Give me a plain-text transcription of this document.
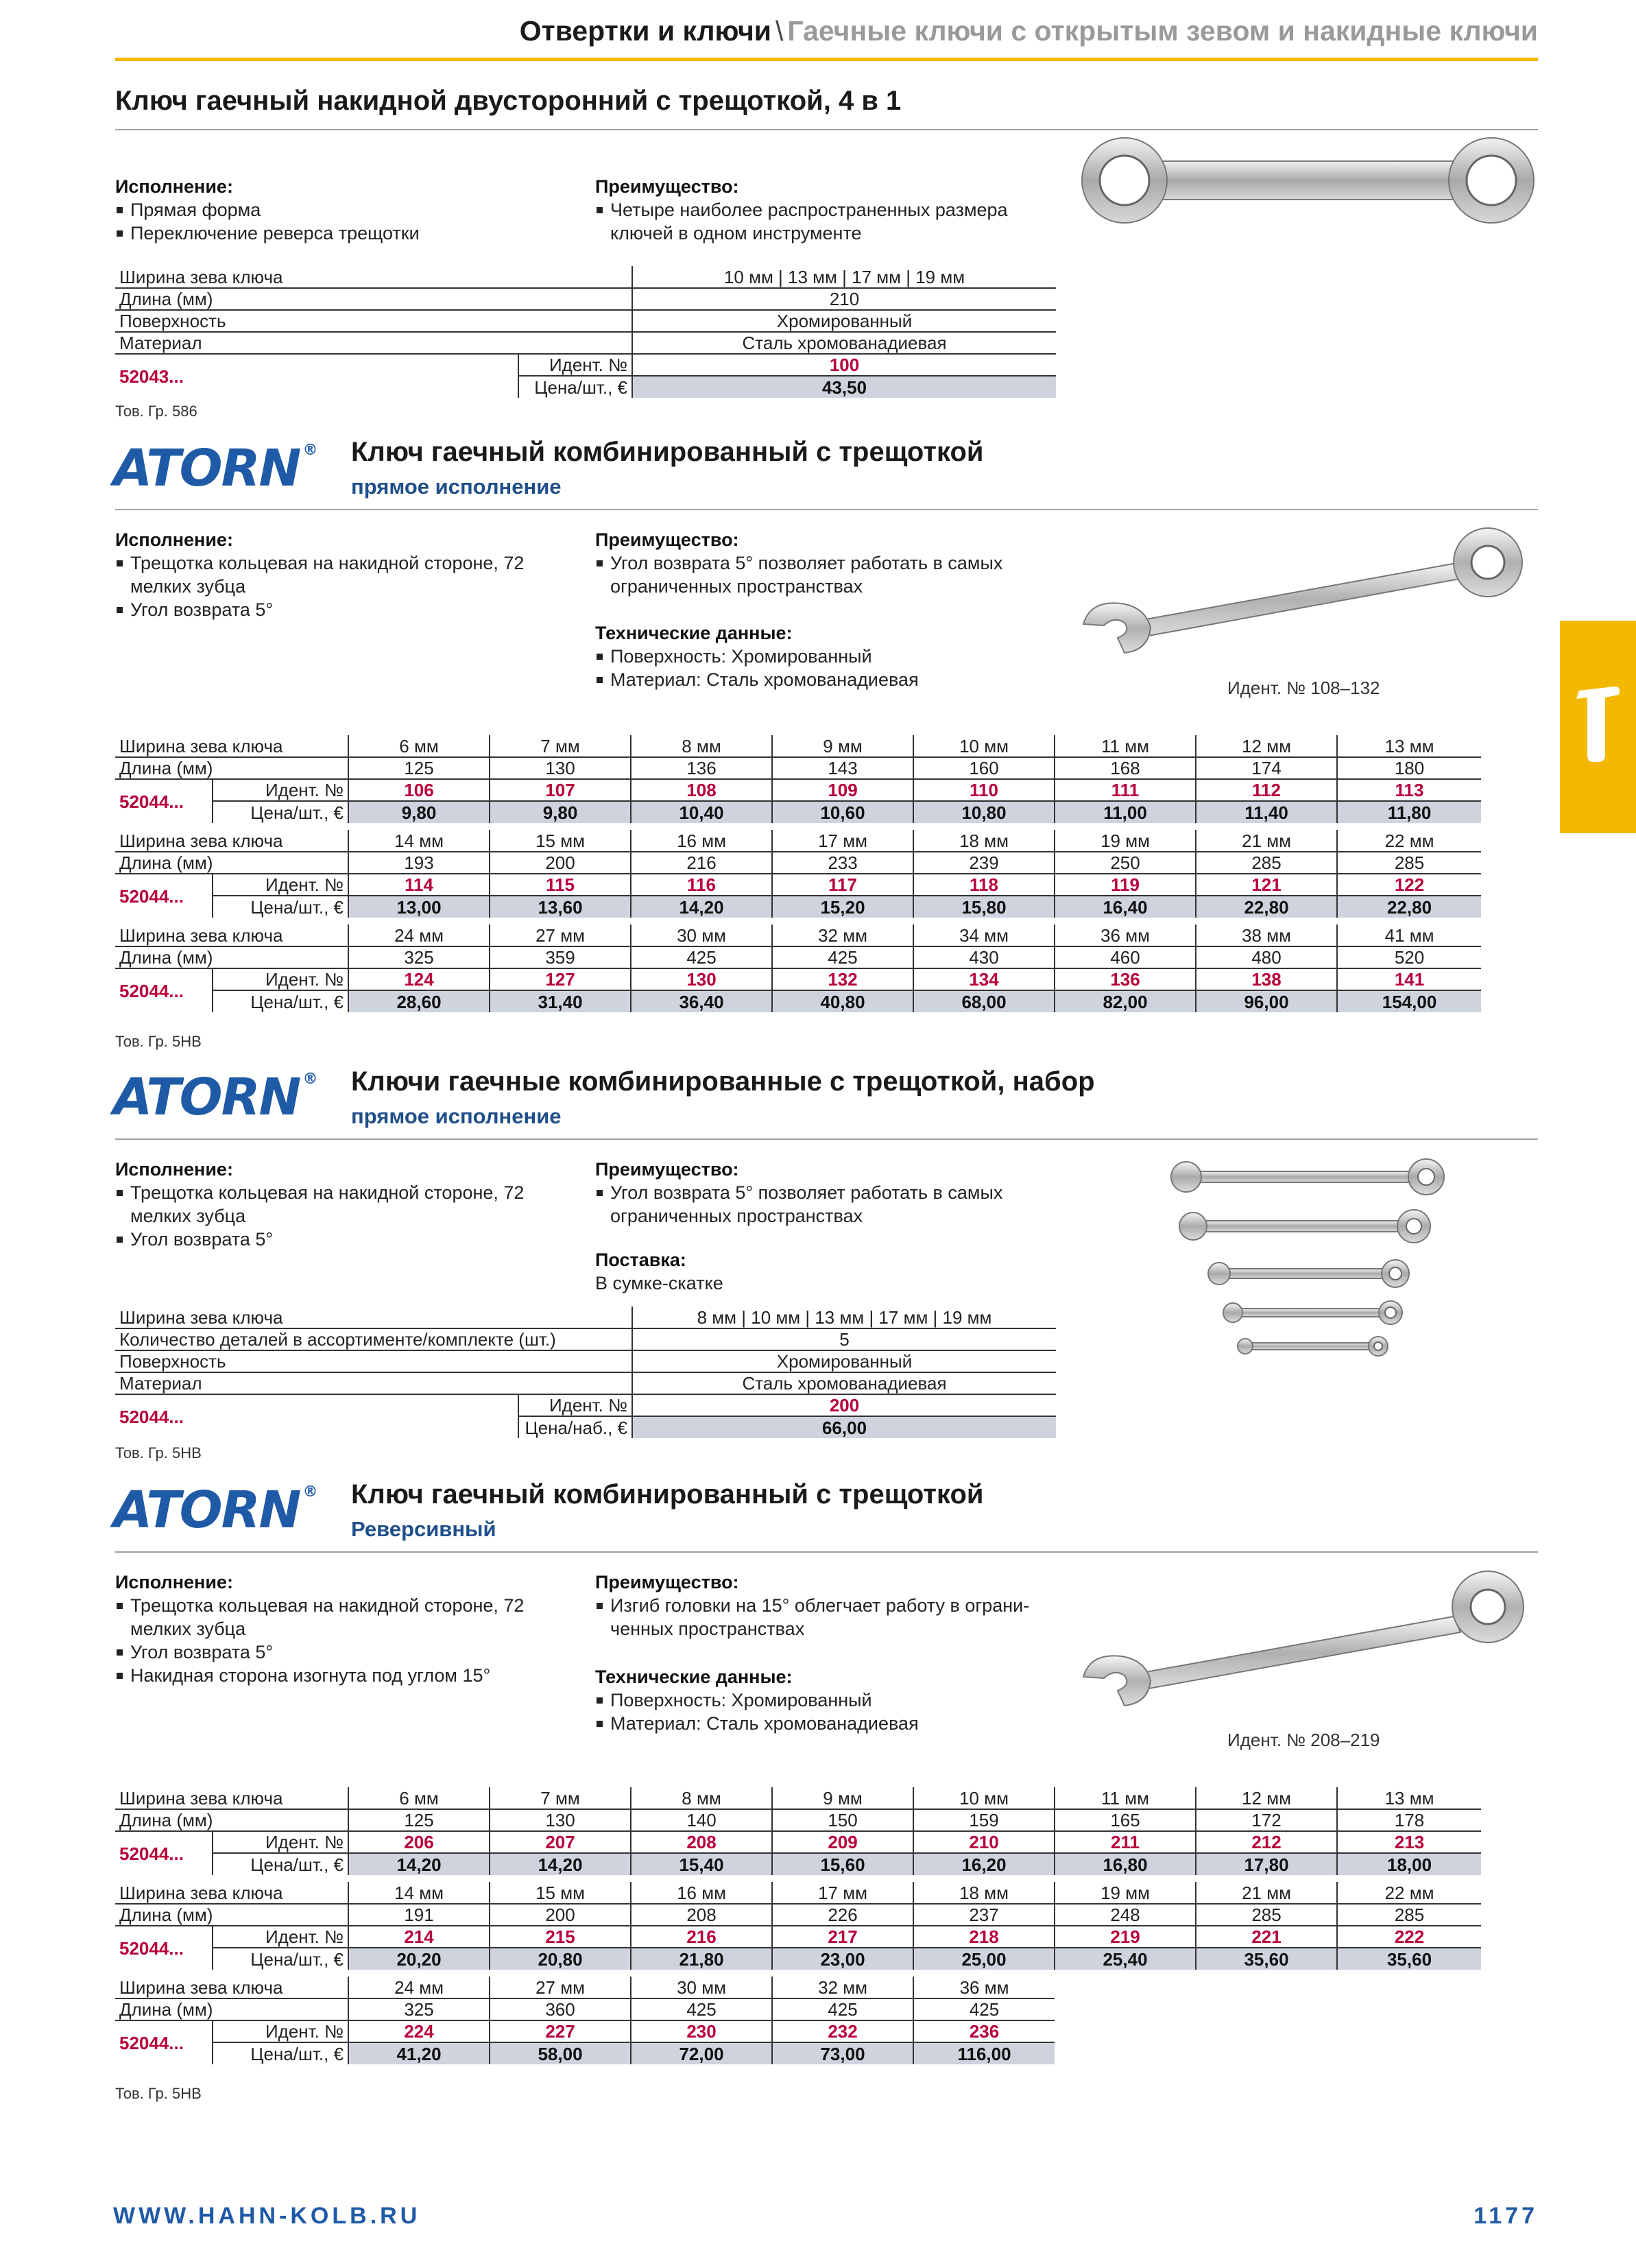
Отвертки и ключи \ Гаечные ключи с открытым зевом и накидные ключи
Ключ гаечный накидной двусторонний с трещоткой, 4 в 1
Исполнение:
Прямая форма
Переключение реверса трещотки
Преимущество:
Четыре наиболее распространенных размера
ключей в одном инструменте
Ширина зева ключа		10 мм | 13 мм | 17 мм | 19 мм
Длина (мм)		210
Поверхность		Хромированный
Материал		Сталь хромованадиевая
52043...	Идент. №	100
	Цена/шт., €	43,50
Тов. Гр. 586
ATORN ® Ключ гаечный комбинированный с трещоткой
прямое исполнение
Исполнение:
Трещотка кольцевая на накидной стороне, 72
мелких зубца
Угол возврата 5°
Преимущество:
Угол возврата 5° позволяет работать в самых
ограниченных пространствах
Технические данные:
Поверхность: Хромированный
Материал: Сталь хромованадиевая	Идент. № 108–132
Ширина зева ключа		6 мм	7 мм	8 мм	9 мм	10 мм	11 мм	12 мм	13 мм
Длина (мм)		125	130	136	143	160	168	174	180
52044...	Идент. №	106	107	108	109	110	111	112	113
	Цена/шт., €	9,80	9,80	10,40	10,60	10,80	11,00	11,40	11,80

Ширина зева ключа		14 мм	15 мм	16 мм	17 мм	18 мм	19 мм	21 мм	22 мм
Длина (мм)		193	200	216	233	239	250	285	285
52044...	Идент. №	114	115	116	117	118	119	121	122
	Цена/шт., €	13,00	13,60	14,20	15,20	15,80	16,40	22,80	22,80

Ширина зева ключа		24 мм	27 мм	30 мм	32 мм	34 мм	36 мм	38 мм	41 мм
Длина (мм)		325	359	425	425	430	460	480	520
52044...	Идент. №	124	127	130	132	134	136	138	141
	Цена/шт., €	28,60	31,40	36,40	40,80	68,00	82,00	96,00	154,00
Тов. Гр. 5НВ
ATORN ® Ключи гаечные комбинированные с трещоткой, набор
прямое исполнение
Исполнение:
Трещотка кольцевая на накидной стороне, 72
мелких зубца
Угол возврата 5°
Преимущество:
Угол возврата 5° позволяет работать в самых
ограниченных пространствах
Поставка:
В сумке-скатке
Ширина зева ключа		8 мм | 10 мм | 13 мм | 17 мм | 19 мм
Количество деталей в ассортименте/комплекте (шт.)		5
Поверхность		Хромированный
Материал		Сталь хромованадиевая
52044...	Идент. №	200
	Цена/наб., €	66,00
Тов. Гр. 5НВ
ATORN ® Ключ гаечный комбинированный с трещоткой
Реверсивный
Исполнение:
Трещотка кольцевая на накидной стороне, 72
мелких зубца
Угол возврата 5°
Накидная сторона изогнута под углом 15°
Преимущество:
Изгиб головки на 15° облегчает работу в ограни-
ченных пространствах
Технические данные:
Поверхность: Хромированный
Материал: Сталь хромованадиевая
Идент. № 208–219
Ширина зева ключа		6 мм	7 мм	8 мм	9 мм	10 мм	11 мм	12 мм	13 мм
Длина (мм)		125	130	140	150	159	165	172	178
52044...	Идент. №	206	207	208	209	210	211	212	213
	Цена/шт., €	14,20	14,20	15,40	15,60	16,20	16,80	17,80	18,00

Ширина зева ключа		14 мм	15 мм	16 мм	17 мм	18 мм	19 мм	21 мм	22 мм
Длина (мм)		191	200	208	226	237	248	285	285
52044...	Идент. №	214	215	216	217	218	219	221	222
	Цена/шт., €	20,20	20,80	21,80	23,00	25,00	25,40	35,60	35,60

Ширина зева ключа		24 мм	27 мм	30 мм	32 мм	36 мм			
Длина (мм)		325	360	425	425	425			
52044...	Идент. №	224	227	230	232	236			
	Цена/шт., €	41,20	58,00	72,00	73,00	116,00			
Тов. Гр. 5НВ
WWW.HAHN-KOLB.RU	1177
